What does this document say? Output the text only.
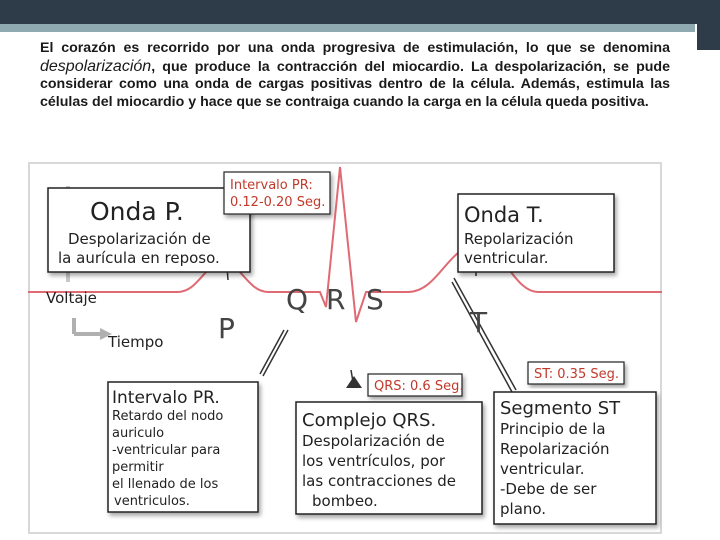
El corazón es recorrido por una onda progresiva de estimulación, lo que se denomina despolarización, que produce la contracción del miocardio. La despolarización, se pude considerar como una onda de cargas positivas dentro de la célula. Además, estimula las células del miocardio y hace que se contraiga cuando la carga en la célula queda positiva.

Onda P.
Despolarización de
la aurícula en reposo.
Intervalo PR:
0.12-0.20 Seg.
Onda T.
Repolarización
ventricular.
Voltaje
Tiempo P
Q R S
T
QRS: 0.6 Seg.
ST: 0.35 Seg.
Intervalo PR.
Retardo del nodo
auriculo
-ventricular para
permitir
el llenado de los
ventriculos.
Complejo QRS.
Despolarización de
los ventrículos, por
las contracciones de
bombeo.
Segmento ST
Principio de la
Repolarización
ventricular.
-Debe de ser
plano.
